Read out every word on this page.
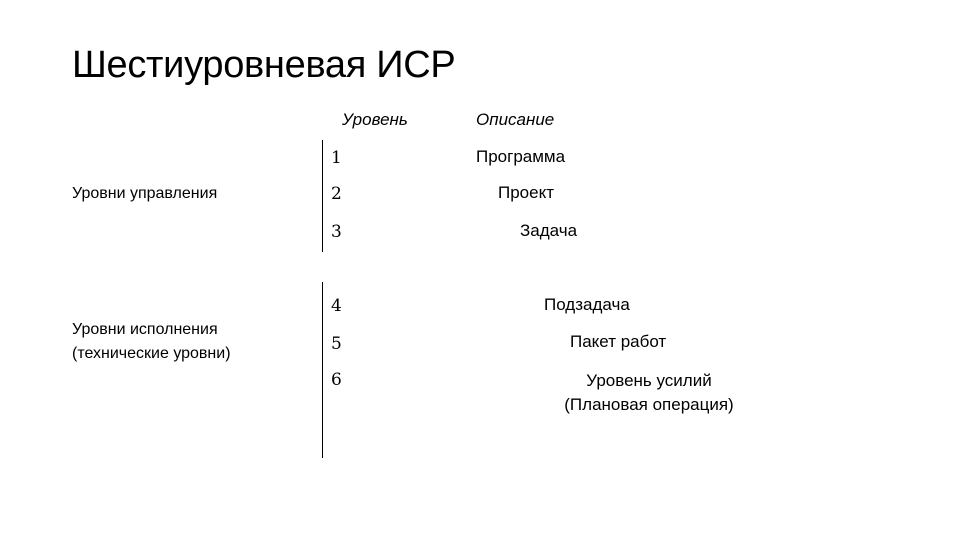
Шестиуровневая ИСР
Уровень	Описание
Уровни управления
Уровни исполнения
(технические уровни)
1	Программа
2	Проект
3	Задача
4	Подзадача
5	Пакет работ
6	Уровень усилий
(Плановая операция)
